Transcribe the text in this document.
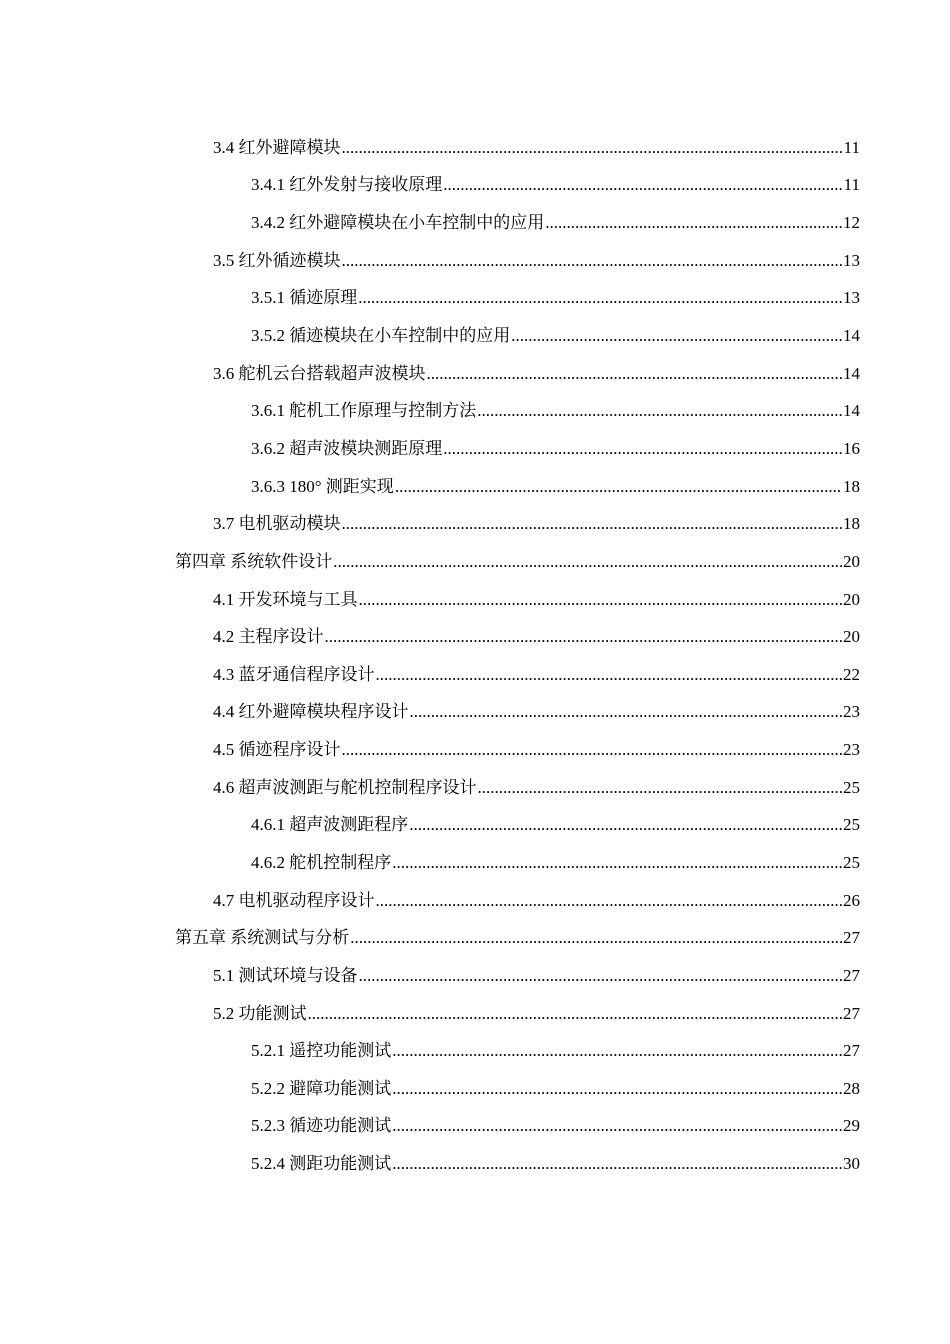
3.4 红外避障模块 .....	11
3.4.1 红外发射与接收原理 .....	11
3.4.2 红外避障模块在小车控制中的应用 .....	12
3.5 红外循迹模块 .....	13
3.5.1 循迹原理 .....	13
3.5.2 循迹模块在小车控制中的应用 .....	14
3.6 舵机云台搭载超声波模块 .....	14
3.6.1 舵机工作原理与控制方法 .....	14
3.6.2 超声波模块测距原理 .....	16
3.6.3 180° 测距实现 .....	18
3.7 电机驱动模块 .....	18
第四章 系统软件设计 .....	20
4.1 开发环境与工具 .....	20
4.2 主程序设计 .....	20
4.3 蓝牙通信程序设计 .....	22
4.4 红外避障模块程序设计 .....	23
4.5 循迹程序设计 .....	23
4.6 超声波测距与舵机控制程序设计 .....	25
4.6.1 超声波测距程序 .....	25
4.6.2 舵机控制程序 .....	25
4.7 电机驱动程序设计 .....	26
第五章 系统测试与分析 .....	27
5.1 测试环境与设备 .....	27
5.2 功能测试 .....	27
5.2.1 遥控功能测试 .....	27
5.2.2 避障功能测试 .....	28
5.2.3 循迹功能测试 .....	29
5.2.4 测距功能测试 .....	30
